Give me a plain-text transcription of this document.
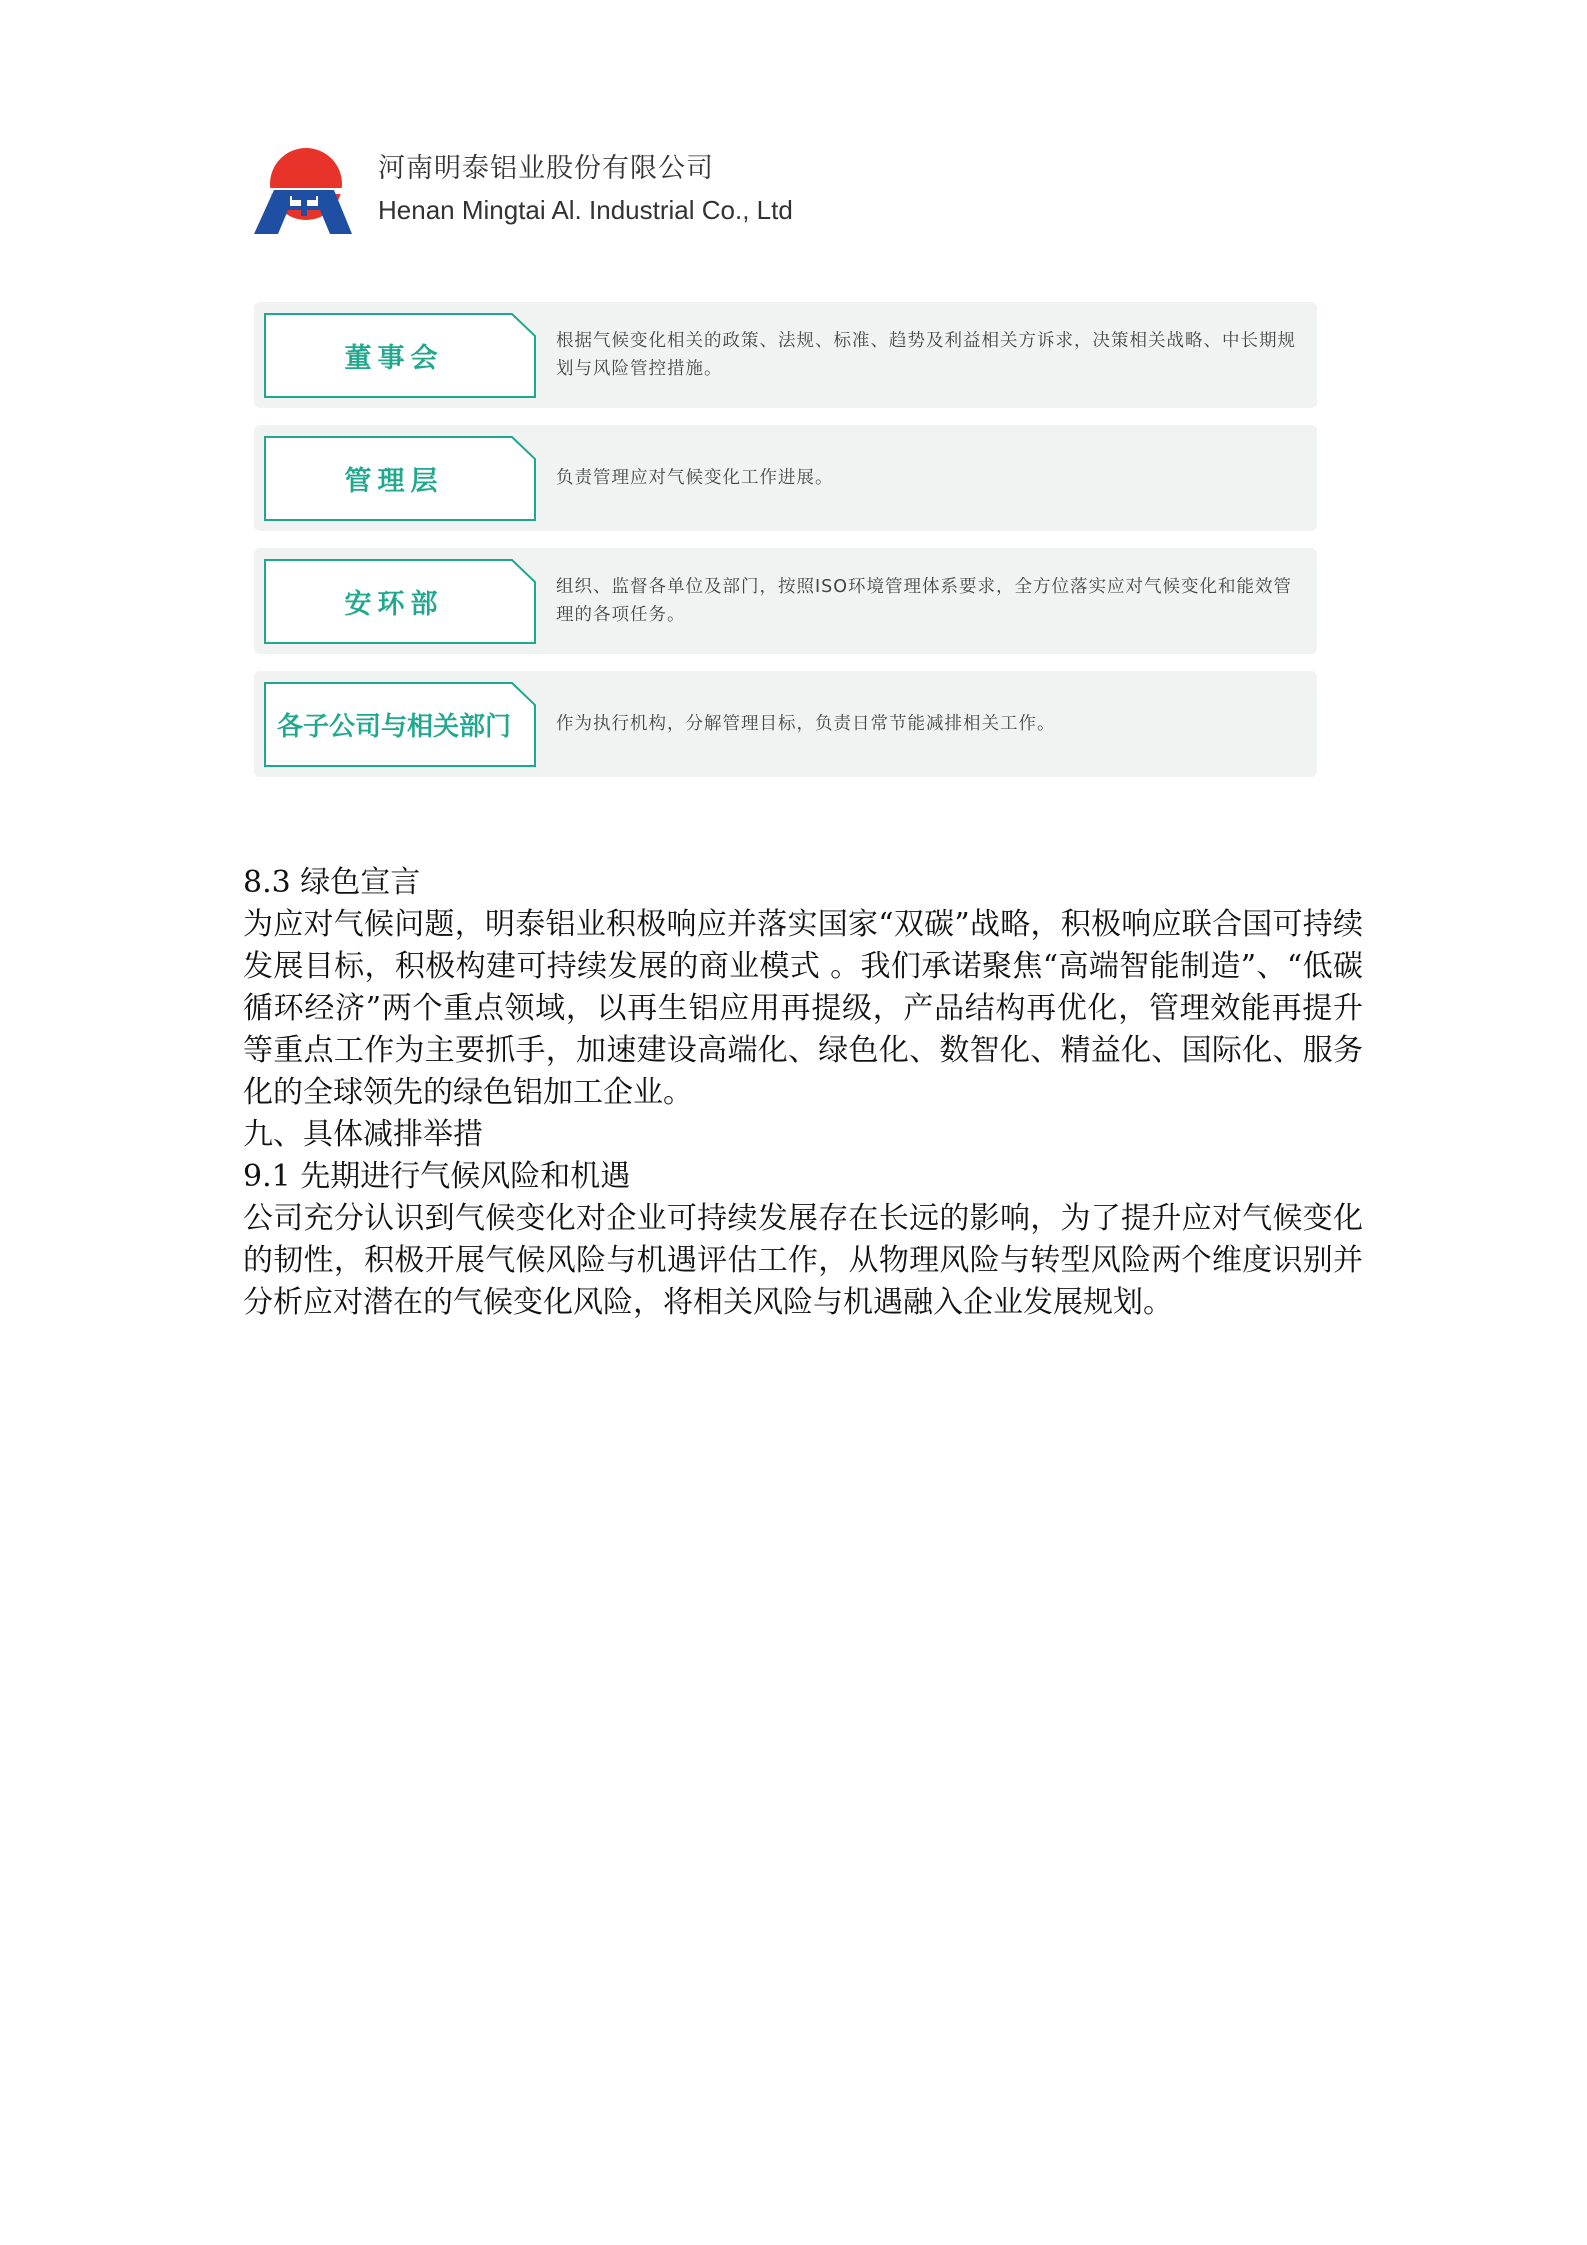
河南明泰铝业股份有限公司
Henan Mingtai Al. Industrial Co., Ltd
董事会
根据气候变化相关的政策、法规、标准、趋势及利益相关方诉求，决策相关战略、中长期规划与风险管控措施。
管理层	负责管理应对气候变化工作进展。
安环部
组织、监督各单位及部门，按照ISO环境管理体系要求，全方位落实应对气候变化和能效管理的各项任务。
各子公司与相关部门	作为执行机构，分解管理目标，负责日常节能减排相关工作。

8.3 绿色宣言

为应对气候问题，明泰铝业积极响应并落实国家“双碳”战略，积极响应联合国可持续发展目标，积极构建可持续发展的商业模式 。我们承诺聚焦“高端智能制造”、“低碳循环经济”两个重点领域，以再生铝应用再提级，产品结构再优化，管理效能再提升等重点工作为主要抓手，加速建设高端化、绿色化、数智化、精益化、国际化、服务化的全球领先的绿色铝加工企业。

九、具体减排举措

9.1 先期进行气候风险和机遇

公司充分认识到气候变化对企业可持续发展存在长远的影响，为了提升应对气候变化的韧性，积极开展气候风险与机遇评估工作，从物理风险与转型风险两个维度识别并分析应对潜在的气候变化风险，将相关风险与机遇融入企业发展规划。
